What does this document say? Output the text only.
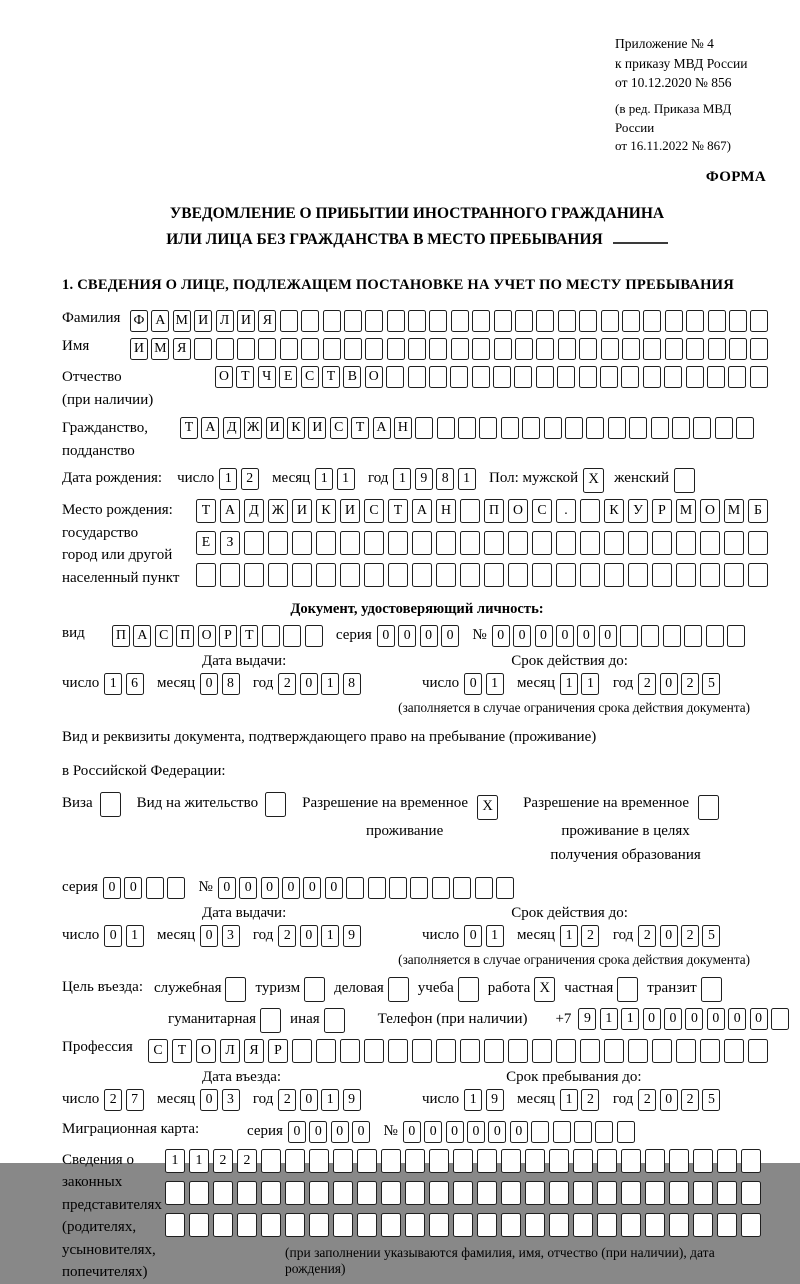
Приложение № 4
к приказу МВД России
от 10.12.2020 № 856
(в ред. Приказа МВД России
от 16.11.2022 № 867)
ФОРМА
УВЕДОМЛЕНИЕ О ПРИБЫТИИ ИНОСТРАННОГО ГРАЖДАНИНА
ИЛИ ЛИЦА БЕЗ ГРАЖДАНСТВА В МЕСТО ПРЕБЫВАНИЯ
1. СВЕДЕНИЯ О ЛИЦЕ, ПОДЛЕЖАЩЕМ ПОСТАНОВКЕ НА УЧЕТ ПО МЕСТУ ПРЕБЫВАНИЯ
Фамилия Ф А М И Л И Я
Имя	И М Я
Отчество
(при наличии)
О Т Ч Е С Т В О
Гражданство,
подданство
Т А Д Ж И К И С Т А Н
Дата рождения: число 1	2	месяц 1	1	год 1	9	8	1	Пол: мужской X	женский
Место рождения:
государство
город или другой
населенный пункт
Т	А	Д Ж И	К	И	С	Т	А	Н	П	О	С	.	К	У	Р	М О М	Б
Е	З
Документ, удостоверяющий личность:
вид	П А С П О Р Т	серия 0	0	0	0	№ 0	0	0	0	0	0
Дата выдачи:	Срок действия до:
число 1	6	месяц 0	8	год 2	0	1	8	число 0	1	месяц 1	1	год 2	0	2	5
(заполняется в случае ограничения срока действия документа)
Вид и реквизиты документа, подтверждающего право на пребывание (проживание)
в Российской Федерации:
Виза	Вид на жительство	Разрешение на временное X
проживание
Разрешение на временное
проживание в целях
получения образования
серия 0	0	№ 0	0	0	0	0	0
Дата выдачи:	Срок действия до:
число 0	1	месяц 0	3	год 2	0	1	9	число 0	1	месяц 1	2	год 2	0	2	5
(заполняется в случае ограничения срока действия документа)
Цель въезда: служебная туризм деловая учеба работа X частная транзит
гуманитарная иная	Телефон (при наличии) +7 9	1	1	0	0	0	0	0	0
Профессия	С	Т	О	Л	Я	Р
Дата въезда:	Срок пребывания до:
число 2	7	месяц 0	3	год 2	0	1	9	число 1	9	месяц 1	2	год 2	0	2	5
Миграционная карта:	серия 0	0	0	0	№ 0	0	0	0	0	0
Сведения о
законных
представителях
(родителях,
усыновителях,
попечителях)
1	1	2	2
(при заполнении указываются фамилия, имя, отчество (при наличии), дата рождения)
